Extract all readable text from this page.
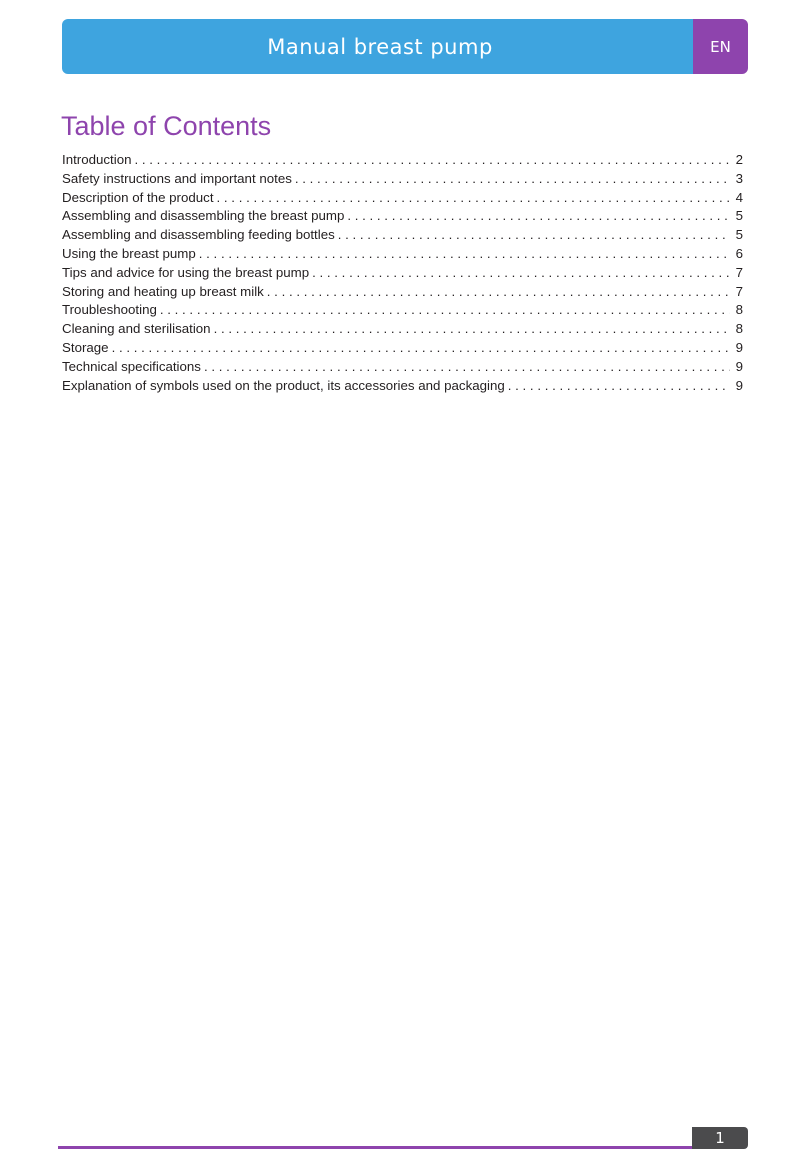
Manual breast pump	EN
Table of Contents
Introduction . . .	2
Safety instructions and important notes . . .	3
Description of the product . . .	4
Assembling and disassembling the breast pump . . .	5
Assembling and disassembling feeding bottles . . .	5
Using the breast pump . . .	6
Tips and advice for using the breast pump . . .	7
Storing and heating up breast milk . . .	7
Troubleshooting . . .	8
Cleaning and sterilisation . . .	8
Storage . . .	9
Technical specifications . . .	9
Explanation of symbols used on the product, its accessories and packaging . . .	9
1
